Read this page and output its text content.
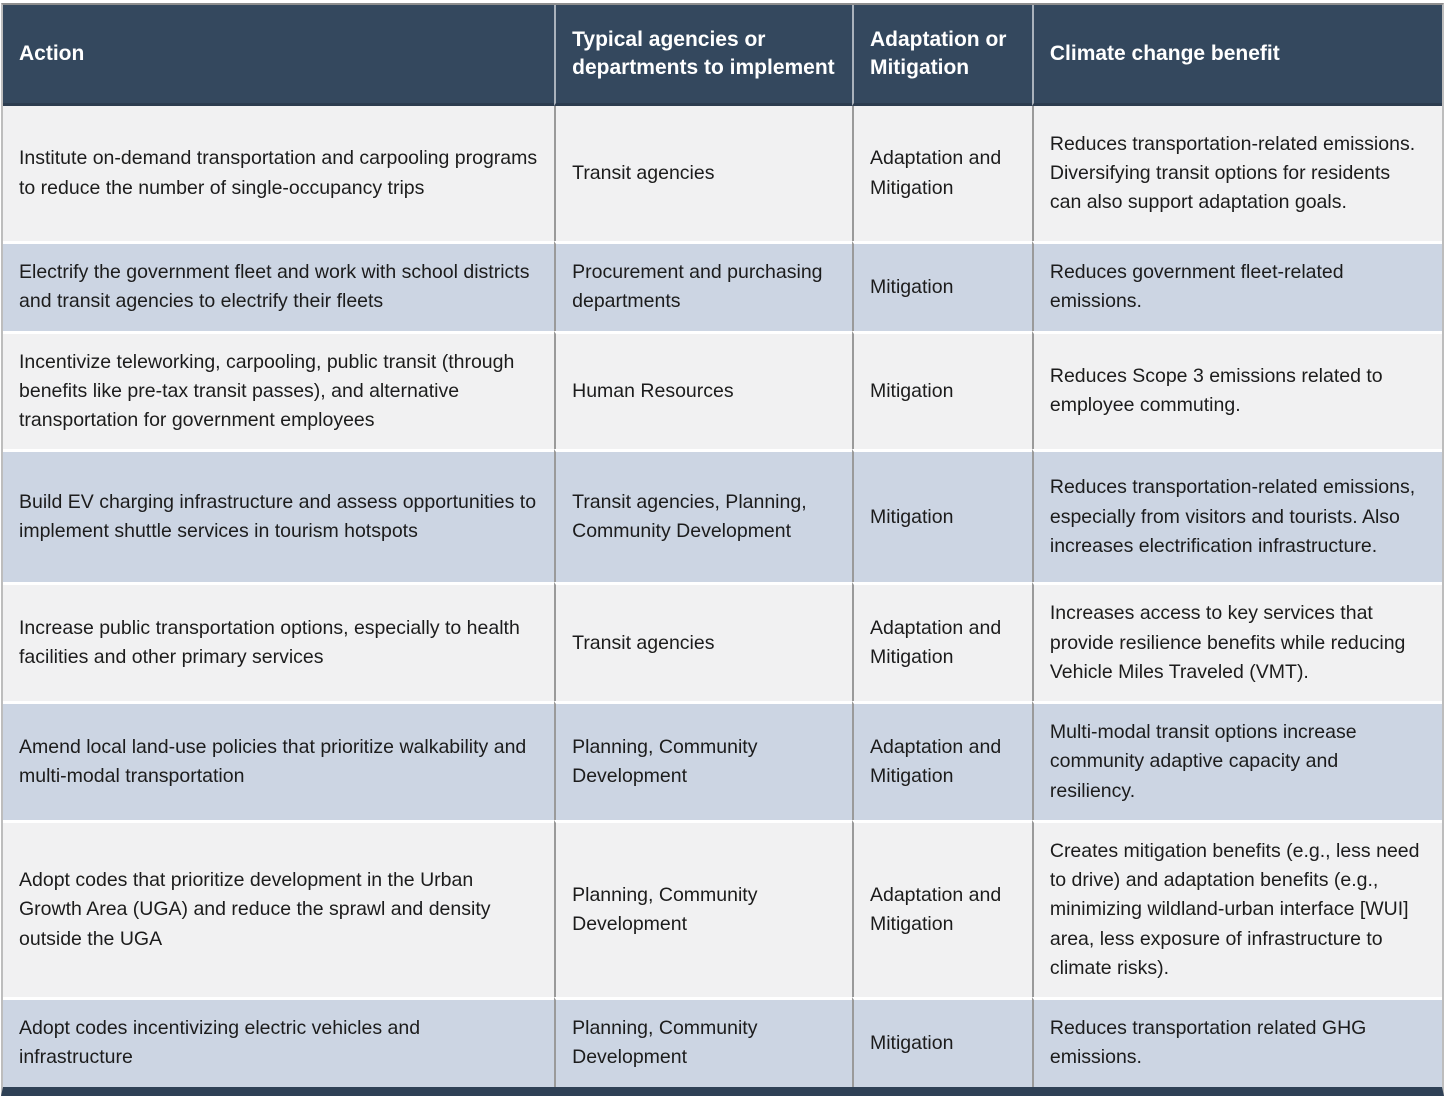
Action	Typical agencies or departments to implement	Adaptation or Mitigation	Climate change benefit
Institute on-demand transportation and carpooling programs to reduce the number of single-occupancy trips	Transit agencies	Adaptation and Mitigation	Reduces transportation-related emissions. Diversifying transit options for residents can also support adaptation goals.
Electrify the government fleet and work with school districts and transit agencies to electrify their fleets	Procurement and purchasing departments	Mitigation	Reduces government fleet-related emissions.
Incentivize teleworking, carpooling, public transit (through benefits like pre-tax transit passes), and alternative transportation for government employees	Human Resources	Mitigation	Reduces Scope 3 emissions related to employee commuting.
Build EV charging infrastructure and assess opportunities to implement shuttle services in tourism hotspots	Transit agencies, Planning, Community Development	Mitigation	Reduces transportation-related emissions, especially from visitors and tourists. Also increases electrification infrastructure.
Increase public transportation options, especially to health facilities and other primary services	Transit agencies	Adaptation and Mitigation	Increases access to key services that provide resilience benefits while reducing Vehicle Miles Traveled (VMT).
Amend local land-use policies that prioritize walkability and multi-modal transportation	Planning, Community Development	Adaptation and Mitigation	Multi-modal transit options increase community adaptive capacity and resiliency.
Adopt codes that prioritize development in the Urban Growth Area (UGA) and reduce the sprawl and density outside the UGA	Planning, Community Development	Adaptation and Mitigation	Creates mitigation benefits (e.g., less need to drive) and adaptation benefits (e.g., minimizing wildland-urban interface [WUI] area, less exposure of infrastructure to climate risks).
Adopt codes incentivizing electric vehicles and infrastructure	Planning, Community Development	Mitigation	Reduces transportation related GHG emissions.
